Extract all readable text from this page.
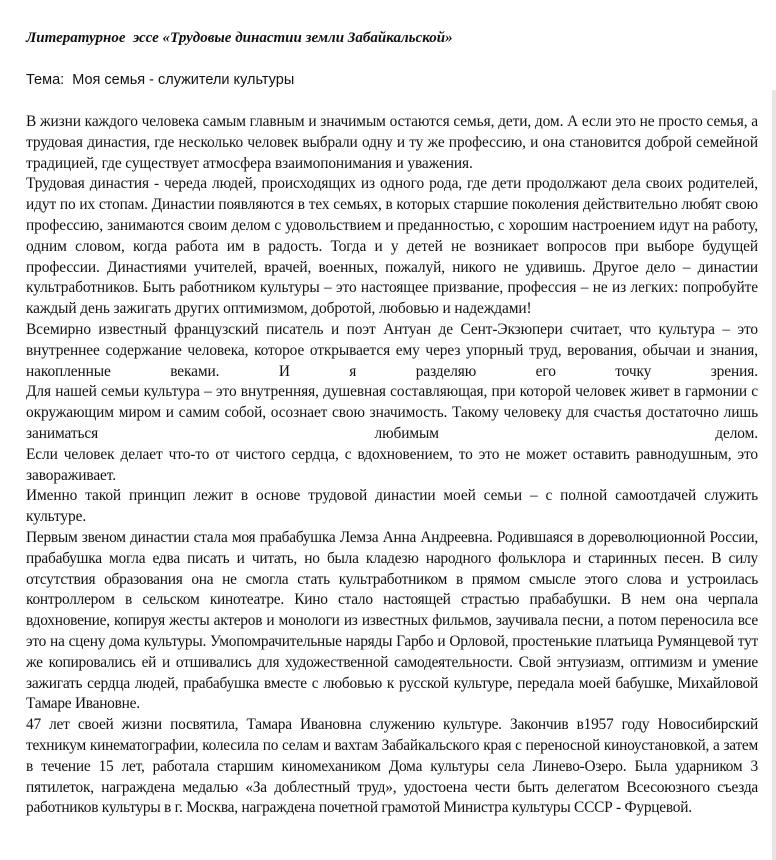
Литературное  эссе «Трудовые династии земли Забайкальской»

Тема:  Моя семья - служители культуры

В жизни каждого человека самым главным и значимым остаются семья, дети, дом. А если это не просто семья, а трудовая династия, где несколько человек выбрали одну и ту же профессию, и она становится доброй семейной традицией, где существует атмосфера взаимопонимания и уважения.

Трудовая династия - череда людей, происходящих из одного рода, где дети продолжают дела своих родителей, идут по их стопам. Династии появляются в тех семьях, в которых старшие поколения действительно любят свою профессию, занимаются своим делом с удовольствием и преданностью, с хорошим настроением идут на работу, одним словом, когда работа им в радость. Тогда и у детей не возникает вопросов при выборе будущей профессии. Династиями учителей, врачей, военных, пожалуй, никого не удивишь. Другое дело – династии культработников. Быть работником культуры – это настоящее призвание, профессия – не из легких: попробуйте каждый день зажигать других оптимизмом, добротой, любовью и надеждами!

Всемирно известный французский писатель и поэт Антуан де Сент-Экзюпери считает, что культура – это внутреннее содержание человека, которое открывается ему через упорный труд, верования, обычаи и знания, накопленные веками. И я разделяю его точку зрения.

Для нашей семьи культура – это внутренняя, душевная составляющая, при которой человек живет в гармонии с окружающим миром и самим собой, осознает свою значимость. Такому человеку для счастья достаточно лишь заниматься любимым делом.

Если человек делает что-то от чистого сердца, с вдохновением, то это не может оставить равнодушным, это завораживает.

Именно такой принцип лежит в основе трудовой династии моей семьи – с полной самоотдачей служить культуре.

Первым звеном династии стала моя прабабушка Лемза Анна Андреевна. Родившаяся в дореволюционной России, прабабушка могла едва писать и читать, но была кладезю народного фольклора и старинных песен. В силу отсутствия образования она не смогла стать культработником в прямом смысле этого слова и устроилась контроллером в сельском кинотеатре. Кино стало настоящей страстью прабабушки. В нем она черпала вдохновение, копируя жесты актеров и монологи из известных фильмов, заучивала песни, а потом переносила все это на сцену дома культуры. Умопомрачительные наряды Гарбо и Орловой, простенькие платьица Румянцевой тут же копировались ей и отшивались для художественной самодеятельности. Свой энтузиазм, оптимизм и умение зажигать сердца людей, прабабушка вместе с любовью к русской культуре, передала моей бабушке, Михайловой Тамаре Ивановне.

47 лет своей жизни посвятила, Тамара Ивановна служению культуре. Закончив в1957 году Новосибирский техникум кинематографии, колесила по селам и вахтам Забайкальского края с переносной киноустановкой, а затем в течение 15 лет, работала старшим киномехаником Дома культуры села Линево-Озеро. Была ударником 3 пятилеток, награждена медалью «За доблестный труд», удостоена чести быть делегатом Всесоюзного съезда работников культуры в г. Москва, награждена почетной грамотой Министра культуры СССР - Фурцевой.
